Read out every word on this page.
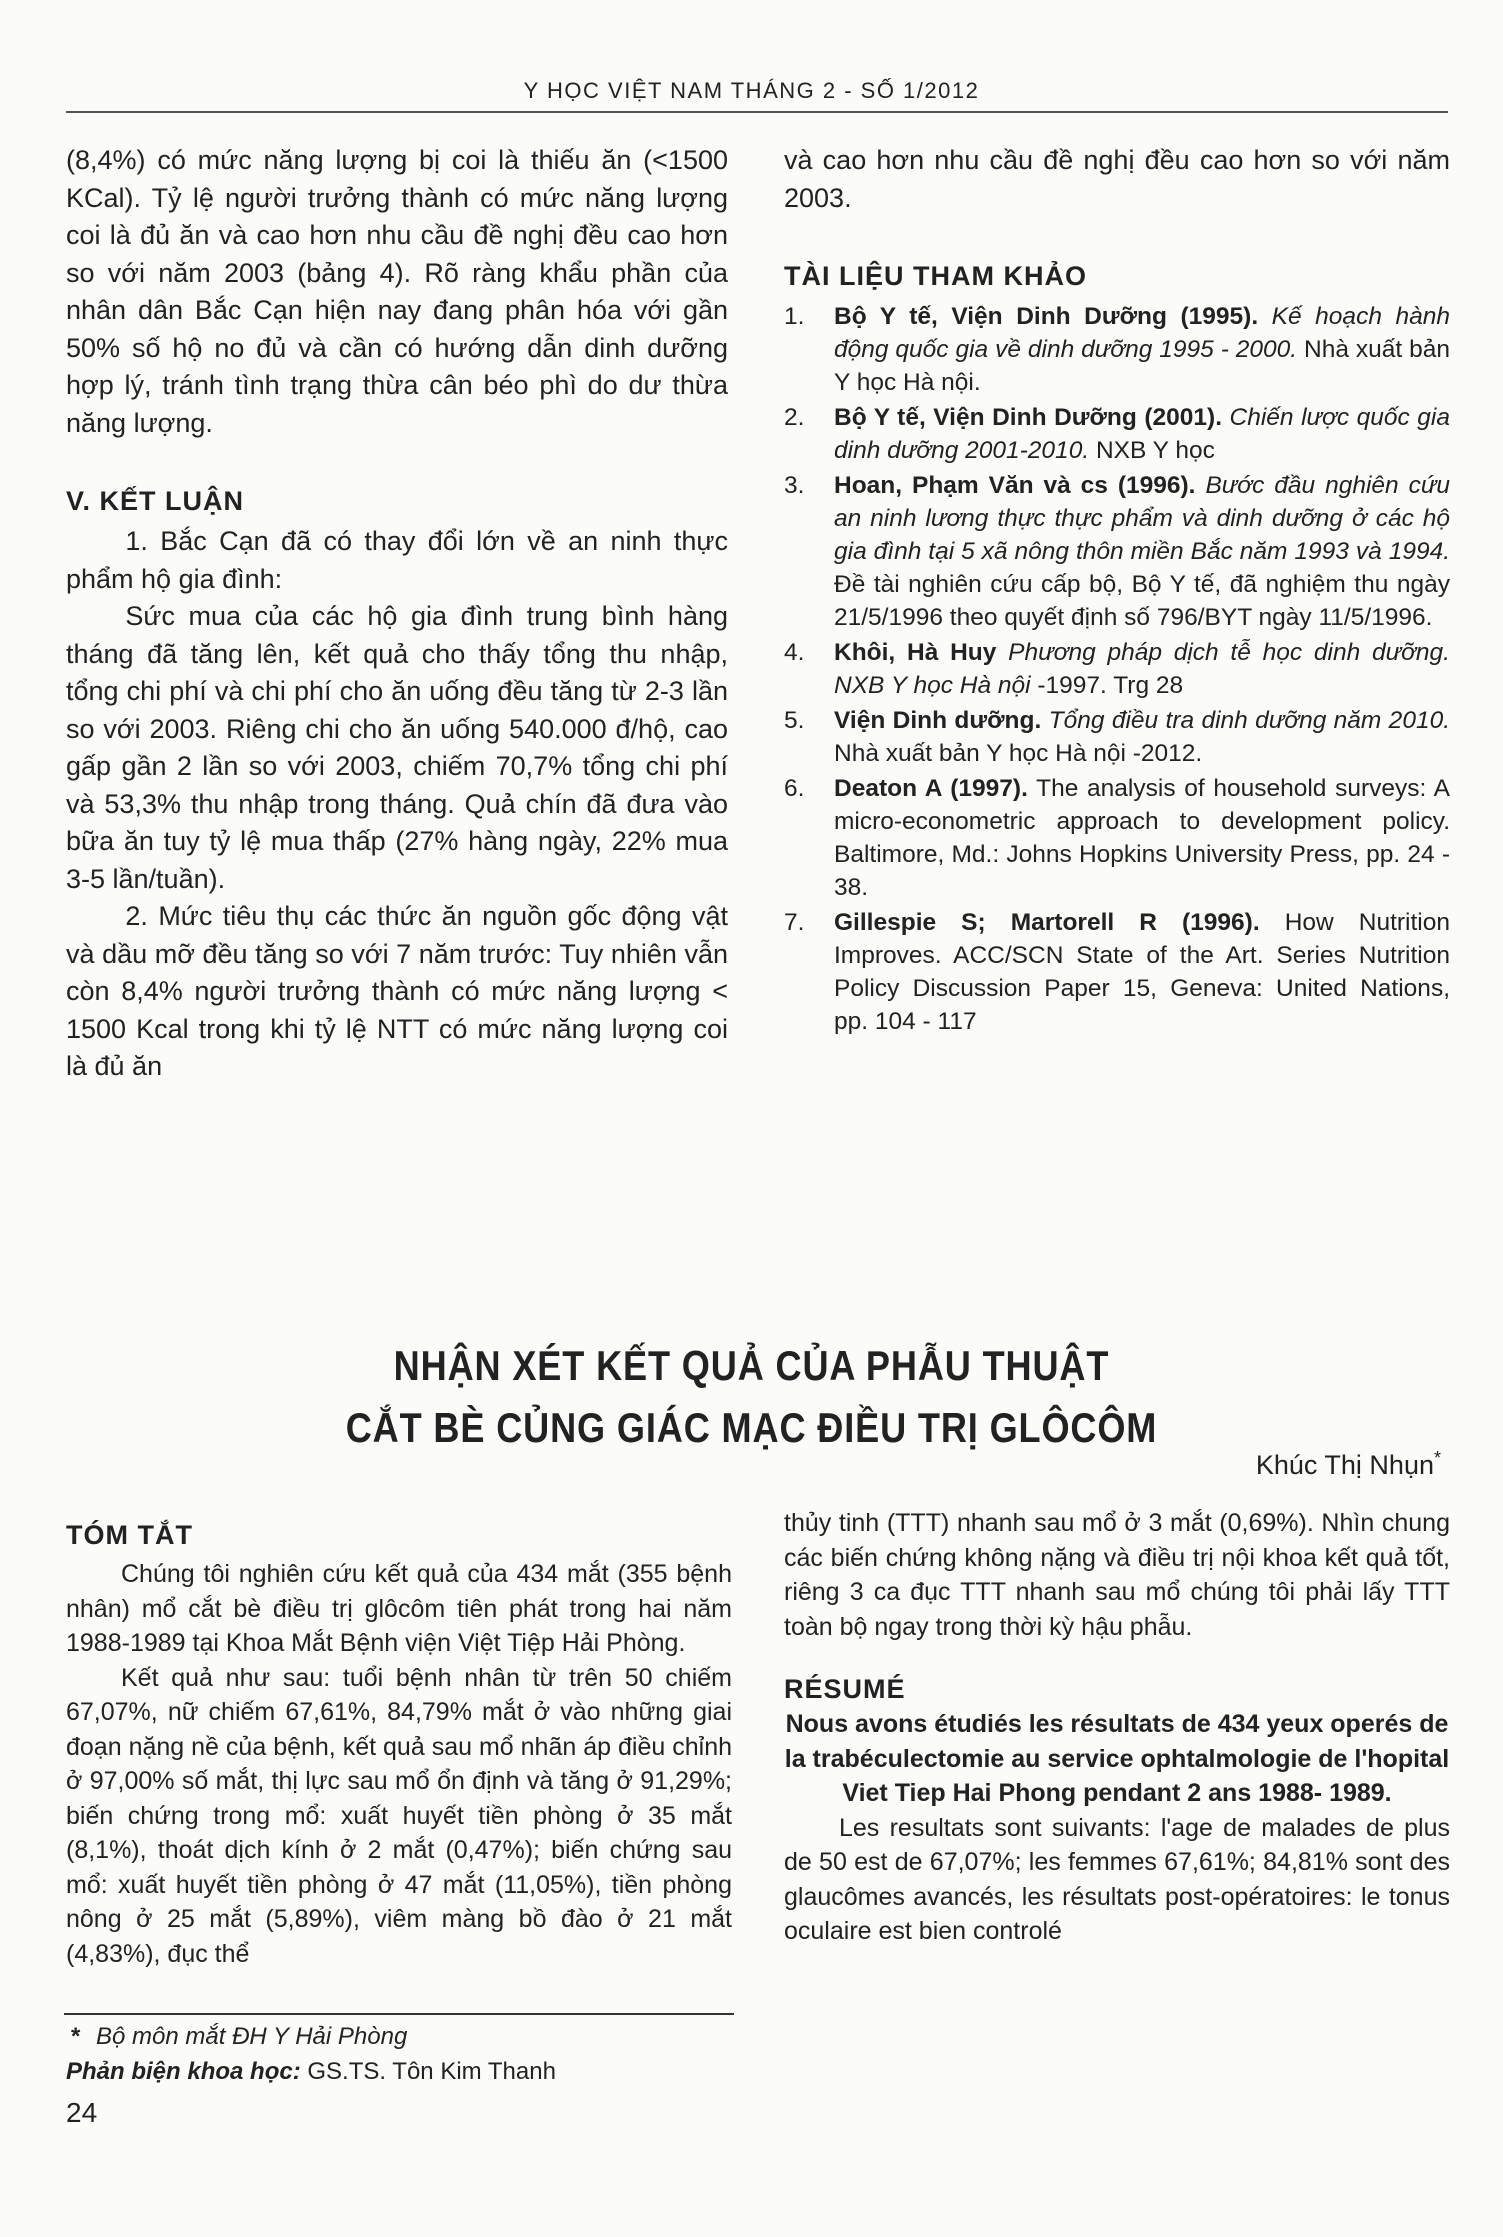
Y HỌC VIỆT NAM THÁNG 2 - SỐ 1/2012

(8,4%) có mức năng lượng bị coi là thiếu ăn (<1500 KCal). Tỷ lệ người trưởng thành có mức năng lượng coi là đủ ăn và cao hơn nhu cầu đề nghị đều cao hơn so với năm 2003 (bảng 4). Rõ ràng khẩu phần của nhân dân Bắc Cạn hiện nay đang phân hóa với gần 50% số hộ no đủ và cần có hướng dẫn dinh dưỡng hợp lý, tránh tình trạng thừa cân béo phì do dư thừa năng lượng.

V. KẾT LUẬN

1. Bắc Cạn đã có thay đổi lớn về an ninh thực phẩm hộ gia đình:

Sức mua của các hộ gia đình trung bình hàng tháng đã tăng lên, kết quả cho thấy tổng thu nhập, tổng chi phí và chi phí cho ăn uống đều tăng từ 2-3 lần so với 2003. Riêng chi cho ăn uống 540.000 đ/hộ, cao gấp gần 2 lần so với 2003, chiếm 70,7% tổng chi phí và 53,3% thu nhập trong tháng. Quả chín đã đưa vào bữa ăn tuy tỷ lệ mua thấp (27% hàng ngày, 22% mua 3-5 lần/tuần).

2. Mức tiêu thụ các thức ăn nguồn gốc động vật và dầu mỡ đều tăng so với 7 năm trước: Tuy nhiên vẫn còn 8,4% người trưởng thành có mức năng lượng < 1500 Kcal trong khi tỷ lệ NTT có mức năng lượng coi là đủ ăn

và cao hơn nhu cầu đề nghị đều cao hơn so với năm 2003.

TÀI LIỆU THAM KHẢO

1.	Bộ Y tế, Viện Dinh Dưỡng (1995). Kế hoạch hành động quốc gia về dinh dưỡng 1995 - 2000. Nhà xuất bản Y học Hà nội.
2.	Bộ Y tế, Viện Dinh Dưỡng (2001). Chiến lược quốc gia dinh dưỡng 2001-2010. NXB Y học
3.	Hoan, Phạm Văn và cs (1996). Bước đầu nghiên cứu an ninh lương thực thực phẩm và dinh dưỡng ở các hộ gia đình tại 5 xã nông thôn miền Bắc năm 1993 và 1994. Đề tài nghiên cứu cấp bộ, Bộ Y tế, đã nghiệm thu ngày 21/5/1996 theo quyết định số 796/BYT ngày 11/5/1996.
4.	Khôi, Hà Huy Phương pháp dịch tễ học dinh dưỡng. NXB Y học Hà nội -1997. Trg 28
5.	Viện Dinh dưỡng. Tổng điều tra dinh dưỡng năm 2010. Nhà xuất bản Y học Hà nội -2012.
6.	Deaton A (1997). The analysis of household surveys: A micro-econometric approach to development policy. Baltimore, Md.: Johns Hopkins University Press, pp. 24 - 38.
7.	Gillespie S; Martorell R (1996). How Nutrition Improves. ACC/SCN State of the Art. Series Nutrition Policy Discussion Paper 15, Geneva: United Nations, pp. 104 - 117
NHẬN XÉT KẾT QUẢ CỦA PHẪU THUẬT
CẮT BÈ CỦNG GIÁC MẠC ĐIỀU TRỊ GLÔCÔM
Khúc Thị Nhụn*

TÓM TẮT

Chúng tôi nghiên cứu kết quả của 434 mắt (355 bệnh nhân) mổ cắt bè điều trị glôcôm tiên phát trong hai năm 1988-1989 tại Khoa Mắt Bệnh viện Việt Tiệp Hải Phòng.

Kết quả như sau: tuổi bệnh nhân từ trên 50 chiếm 67,07%, nữ chiếm 67,61%, 84,79% mắt ở vào những giai đoạn nặng nề của bệnh, kết quả sau mổ nhãn áp điều chỉnh ở 97,00% số mắt, thị lực sau mổ ổn định và tăng ở 91,29%; biến chứng trong mổ: xuất huyết tiền phòng ở 35 mắt (8,1%), thoát dịch kính ở 2 mắt (0,47%); biến chứng sau mổ: xuất huyết tiền phòng ở 47 mắt (11,05%), tiền phòng nông ở 25 mắt (5,89%), viêm màng bồ đào ở 21 mắt (4,83%), đục thể

thủy tinh (TTT) nhanh sau mổ ở 3 mắt (0,69%). Nhìn chung các biến chứng không nặng và điều trị nội khoa kết quả tốt, riêng 3 ca đục TTT nhanh sau mổ chúng tôi phải lấy TTT toàn bộ ngay trong thời kỳ hậu phẫu.

RÉSUMÉ

Nous avons étudiés les résultats de 434 yeux operés de la trabéculectomie au service ophtalmologie de l'hopital Viet Tiep Hai Phong pendant 2 ans 1988- 1989.

Les resultats sont suivants: l'age de malades de plus de 50 est de 67,07%; les femmes 67,61%; 84,81% sont des glaucômes avancés, les résultats post-opératoires: le tonus oculaire est bien controlé

* Bộ môn mắt ĐH Y Hải Phòng
Phản biện khoa học: GS.TS. Tôn Kim Thanh
24
